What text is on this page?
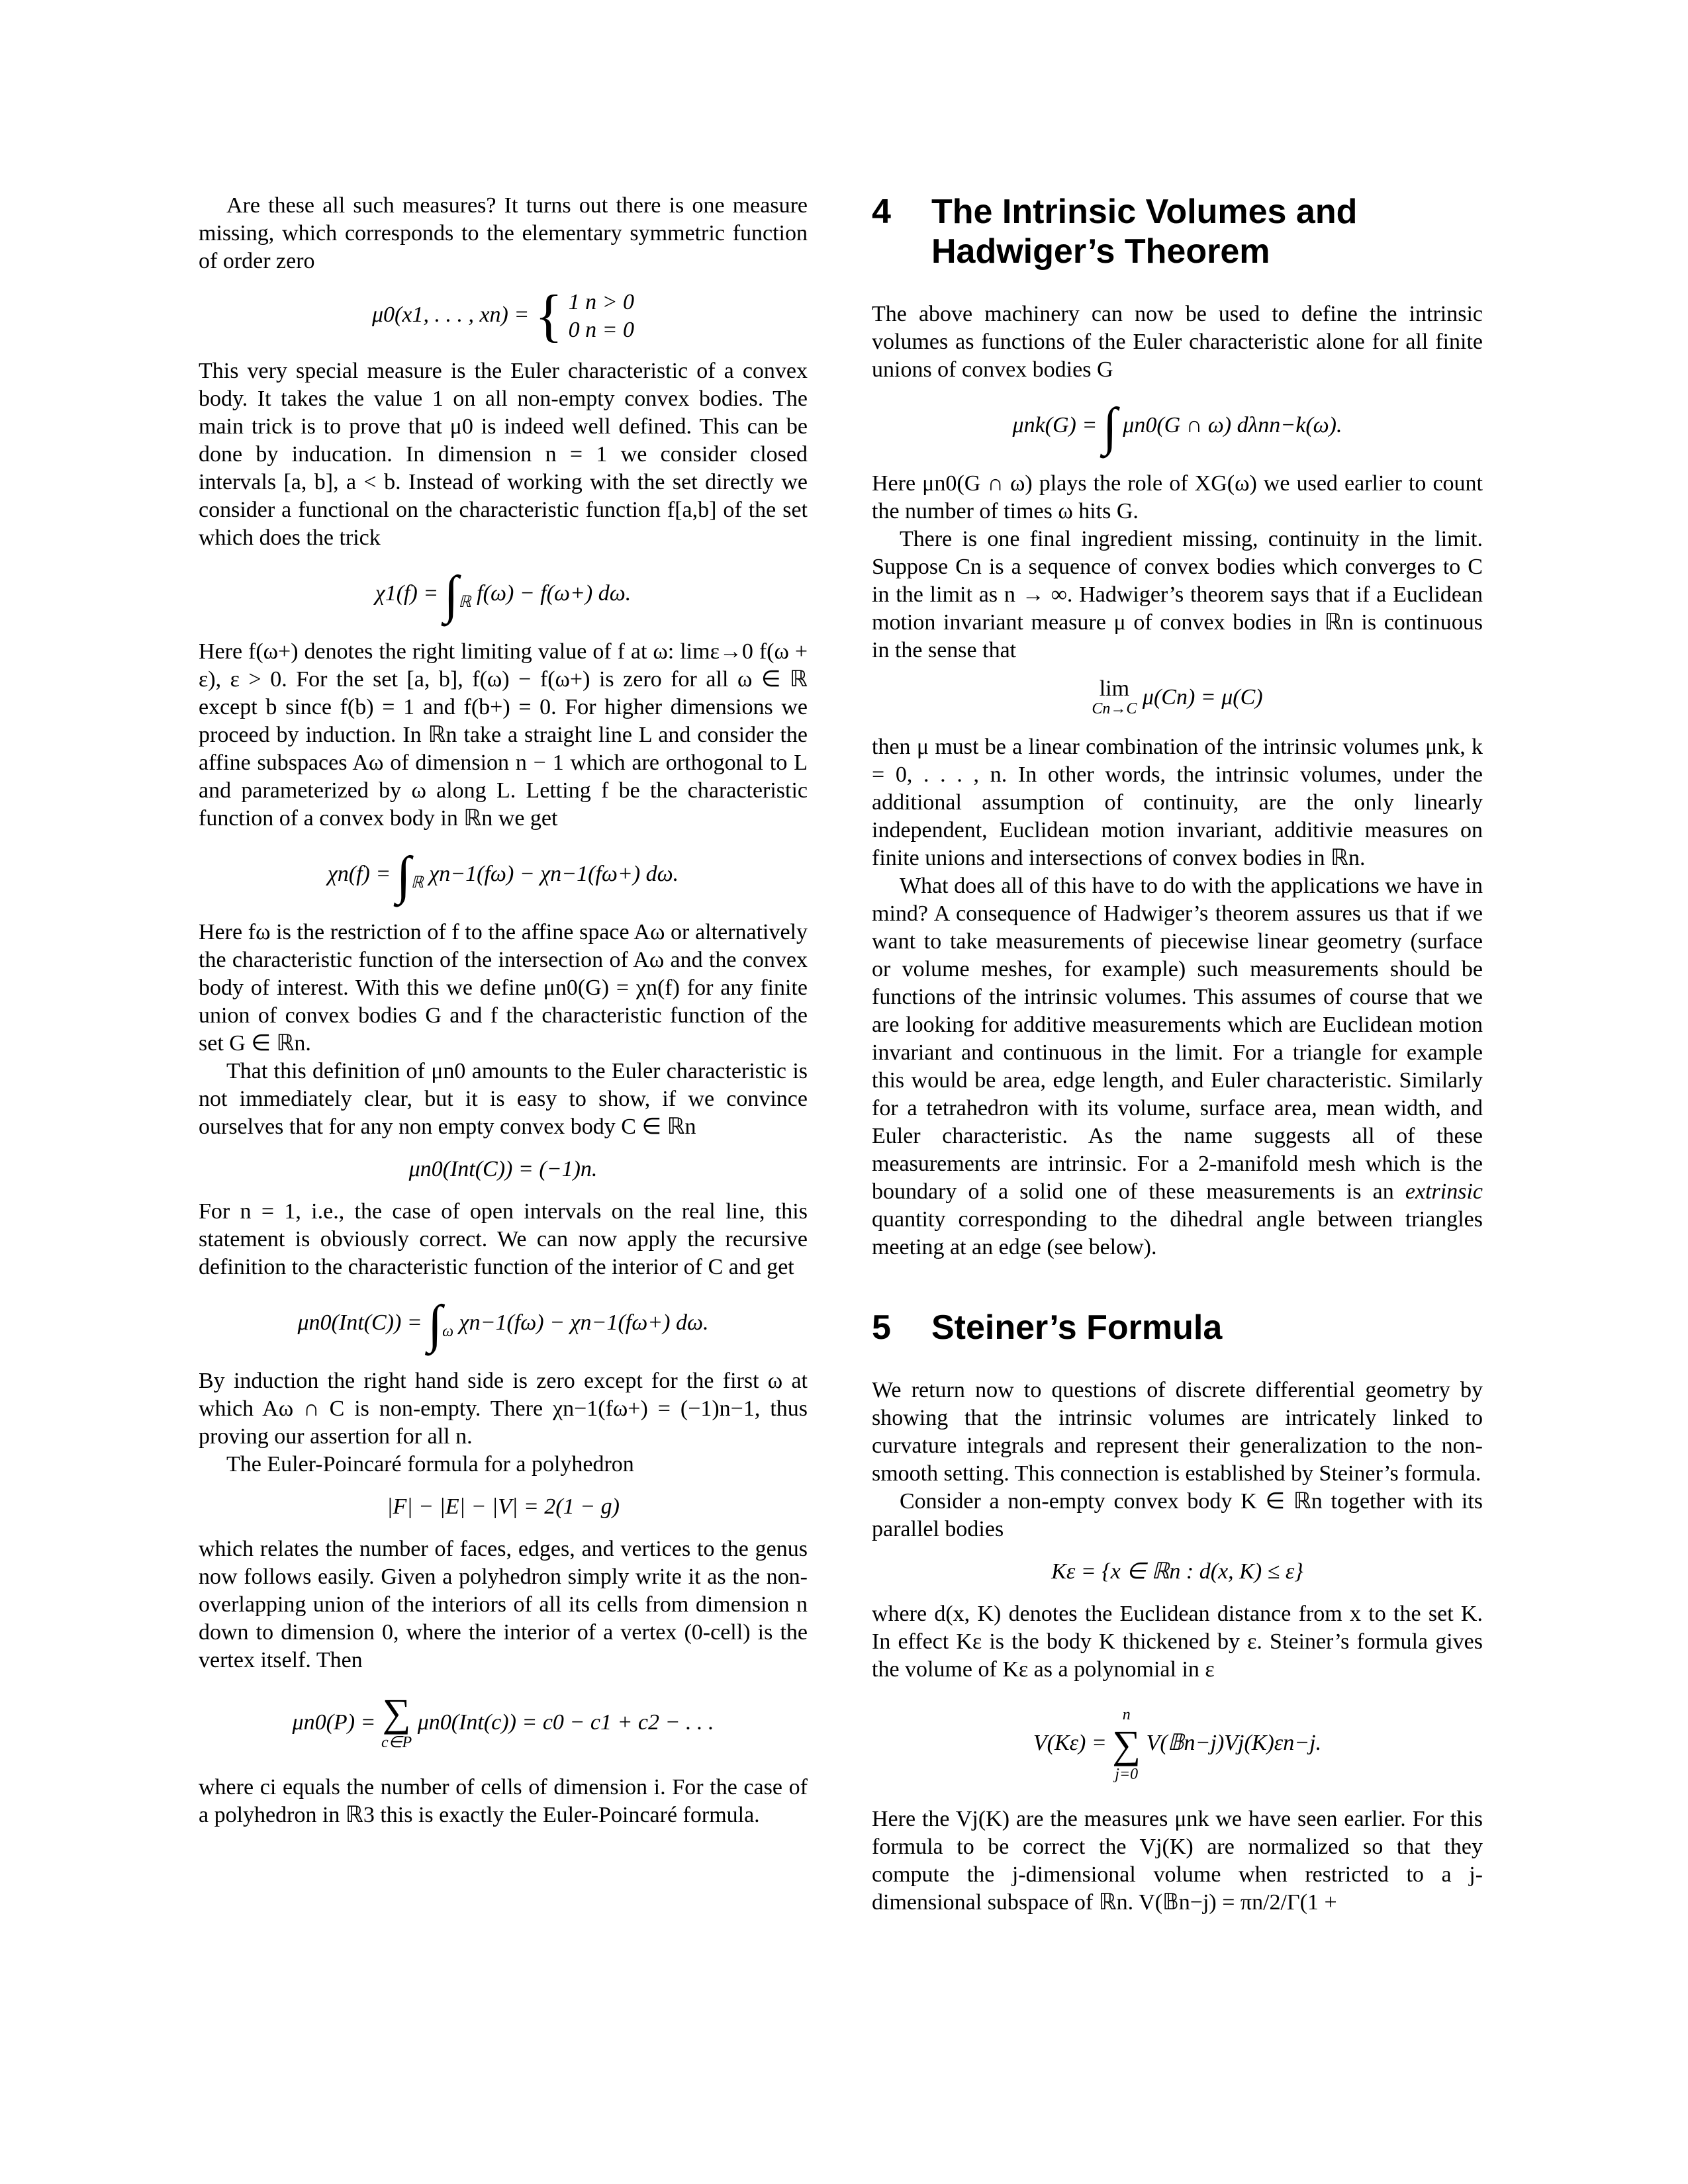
Are these all such measures? It turns out there is one measure missing, which corresponds to the elementary symmetric function of order zero

μ0(x1, . . . , xn) = { 1 n > 0
0 n = 0

This very special measure is the Euler characteristic of a convex body. It takes the value 1 on all non-empty convex bodies. The main trick is to prove that μ0 is indeed well defined. This can be done by inducation. In dimension n = 1 we consider closed intervals [a, b], a < b. Instead of working with the set directly we consider a functional on the characteristic function f[a,b] of the set which does the trick

$\chi 1(f) = \int_ℝ$ f(ω) − f(ω+) dω.

Here f(ω+) denotes the right limiting value of f at ω: limε→0 f(ω + ε), ε > 0. For the set [a, b], f(ω) − f(ω+) is zero for all ω ∈ ℝ except b since f(b) = 1 and f(b+) = 0. For higher dimensions we proceed by induction. In ℝn take a straight line L and consider the affine subspaces Aω of dimension n − 1 which are orthogonal to L and parameterized by ω along L. Letting f be the characteristic function of a convex body in ℝn we get

$\chi n(f) = \int_ℝ$ χn−1(fω) − χn−1(fω+) dω.

Here fω is the restriction of f to the affine space Aω or alternatively the characteristic function of the intersection of Aω and the convex body of interest. With this we define μn0(G) = χn(f) for any finite union of convex bodies G and f the characteristic function of the set G ∈ ℝn.

That this definition of μn0 amounts to the Euler characteristic is not immediately clear, but it is easy to show, if we convince ourselves that for any non empty convex body C ∈ ℝn

μn0(Int(C)) = (−1)n.

For n = 1, i.e., the case of open intervals on the real line, this statement is obviously correct. We can now apply the recursive definition to the characteristic function of the interior of C and get

$\mu n0(Int(C)) = \int_\omega$ χn−1(fω) − χn−1(fω+) dω.

By induction the right hand side is zero except for the first ω at which Aω ∩ C is non-empty. There χn−1(fω+) = (−1)n−1, thus proving our assertion for all n.

The Euler-Poincaré formula for a polyhedron

|F| − |E| − |V| = 2(1 − g)

which relates the number of faces, edges, and vertices to the genus now follows easily. Given a polyhedron simply write it as the non-overlapping union of the interiors of all its cells from dimension n down to dimension 0, where the interior of a vertex (0-cell) is the vertex itself. Then

μn0(P) = ∑
c∈P
μn0(Int(c)) = c0 − c1 + c2 − . . .

where ci equals the number of cells of dimension i. For the case of a polyhedron in ℝ3 this is exactly the Euler-Poincaré formula.

4	The Intrinsic Volumes and Hadwiger’s Theorem

The above machinery can now be used to define the intrinsic volumes as functions of the Euler characteristic alone for all finite unions of convex bodies G

μnk(G) = ∫ μn0(G ∩ ω) dλnn−k(ω).

Here μn0(G ∩ ω) plays the role of XG(ω) we used earlier to count the number of times ω hits G.

There is one final ingredient missing, continuity in the limit. Suppose Cn is a sequence of convex bodies which converges to C in the limit as n → ∞. Hadwiger’s theorem says that if a Euclidean motion invariant measure μ of convex bodies in ℝn is continuous in the sense that

lim
Cn→C μ(Cn) = μ(C)

then μ must be a linear combination of the intrinsic volumes μnk, k = 0, . . . , n. In other words, the intrinsic volumes, under the additional assumption of continuity, are the only linearly independent, Euclidean motion invariant, additivie measures on finite unions and intersections of convex bodies in ℝn.

What does all of this have to do with the applications we have in mind? A consequence of Hadwiger’s theorem assures us that if we want to take measurements of piecewise linear geometry (surface or volume meshes, for example) such measurements should be functions of the intrinsic volumes. This assumes of course that we are looking for additive measurements which are Euclidean motion invariant and continuous in the limit. For a triangle for example this would be area, edge length, and Euler characteristic. Similarly for a tetrahedron with its volume, surface area, mean width, and Euler characteristic. As the name suggests all of these measurements are intrinsic. For a 2-manifold mesh which is the boundary of a solid one of these measurements is an extrinsic quantity corresponding to the dihedral angle between triangles meeting at an edge (see below).

5	Steiner’s Formula

We return now to questions of discrete differential geometry by showing that the intrinsic volumes are intricately linked to curvature integrals and represent their generalization to the non-smooth setting. This connection is established by Steiner’s formula.

Consider a non-empty convex body K ∈ ℝn together with its parallel bodies

Kε = {x ∈ ℝn : d(x, K) ≤ ε}

where d(x, K) denotes the Euclidean distance from x to the set K. In effect Kε is the body K thickened by ε. Steiner’s formula gives the volume of Kε as a polynomial in ε

V(Kε) =
n
∑
j=0
V(𝔹n−j)Vj(K)εn−j.

Here the Vj(K) are the measures μnk we have seen earlier. For this formula to be correct the Vj(K) are normalized so that they compute the j-dimensional volume when restricted to a j-dimensional subspace of ℝn. V(𝔹n−j) = πn/2/Γ(1 +
